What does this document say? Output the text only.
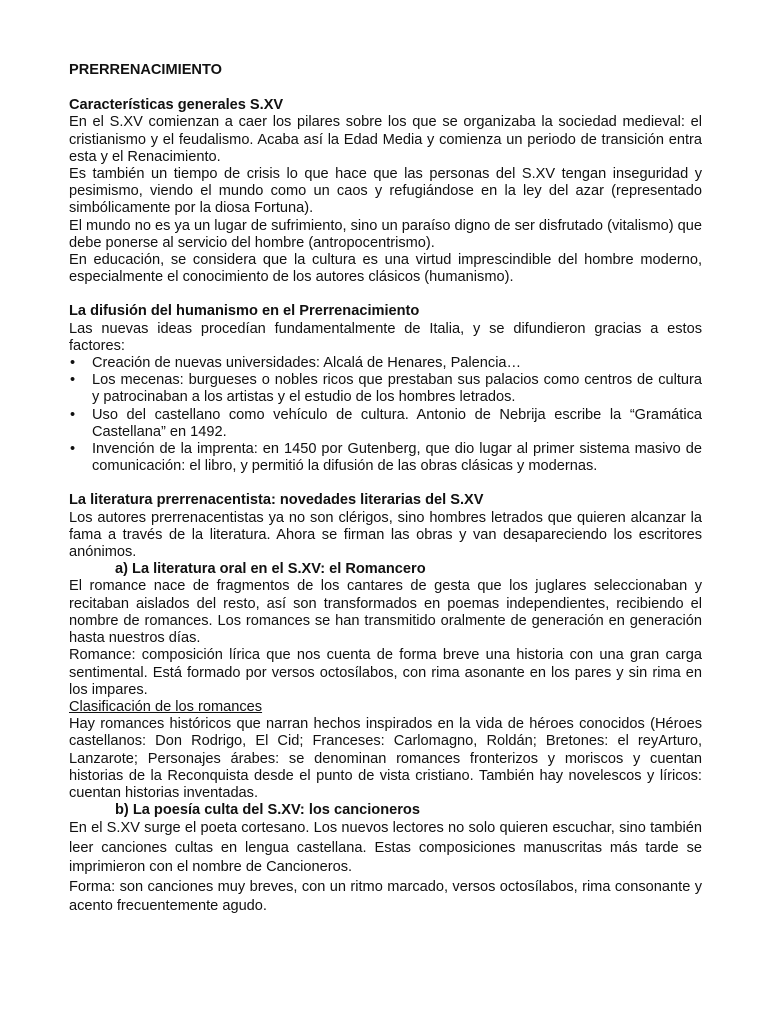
PRERRENACIMIENTO
Características generales S.XV

En el S.XV comienzan a caer los pilares sobre los que se organizaba la sociedad medieval: el cristianismo y el feudalismo. Acaba así la Edad Media y comienza un periodo de transición entra esta y el Renacimiento.

Es también un tiempo de crisis lo que hace que las personas del S.XV tengan inseguridad y pesimismo, viendo el mundo como un caos y refugiándose en la ley del azar (representado simbólicamente por la diosa Fortuna).

El mundo no es ya un lugar de sufrimiento, sino un paraíso digno de ser disfrutado (vitalismo) que debe ponerse al servicio del hombre (antropocentrismo).

En educación, se considera que la cultura es una virtud imprescindible del hombre moderno, especialmente el conocimiento de los autores clásicos (humanismo).

La difusión del humanismo en el Prerrenacimiento

Las nuevas ideas procedían fundamentalmente de Italia, y se difundieron gracias a estos factores:

• Creación de nuevas universidades: Alcalá de Henares, Palencia…
• Los mecenas: burgueses o nobles ricos que prestaban sus palacios como centros de cultura y patrocinaban a los artistas y el estudio de los hombres letrados.
• Uso del castellano como vehículo de cultura. Antonio de Nebrija escribe la “Gramática Castellana” en 1492.
• Invención de la imprenta: en 1450 por Gutenberg, que dio lugar al primer sistema masivo de comunicación: el libro, y permitió la difusión de las obras clásicas y modernas.
La literatura prerrenacentista: novedades literarias del S.XV

Los autores prerrenacentistas ya no son clérigos, sino hombres letrados que quieren alcanzar la fama a través de la literatura. Ahora se firman las obras y van desapareciendo los escritores anónimos.

a) La literatura oral en el S.XV: el Romancero

El romance nace de fragmentos de los cantares de gesta que los juglares seleccionaban y recitaban aislados del resto, así son transformados en poemas independientes, recibiendo el nombre de romances. Los romances se han transmitido oralmente de generación en generación hasta nuestros días.

Romance: composición lírica que nos cuenta de forma breve una historia con una gran carga sentimental. Está formado por versos octosílabos, con rima asonante en los pares y sin rima en los impares.

Clasificación de los romances

Hay romances históricos que narran hechos inspirados en la vida de héroes conocidos (Héroes castellanos: Don Rodrigo, El Cid; Franceses: Carlomagno, Roldán; Bretones: el reyArturo, Lanzarote; Personajes árabes: se denominan romances fronterizos y moriscos y cuentan historias de la Reconquista desde el punto de vista cristiano. También hay novelescos y líricos: cuentan historias inventadas.

b) La poesía culta del S.XV: los cancioneros

En el S.XV surge el poeta cortesano. Los nuevos lectores no solo quieren escuchar, sino también leer canciones cultas en lengua castellana. Estas composiciones manuscritas más tarde se imprimieron con el nombre de Cancioneros.

Forma: son canciones muy breves, con un ritmo marcado, versos octosílabos, rima consonante y acento frecuentemente agudo.
